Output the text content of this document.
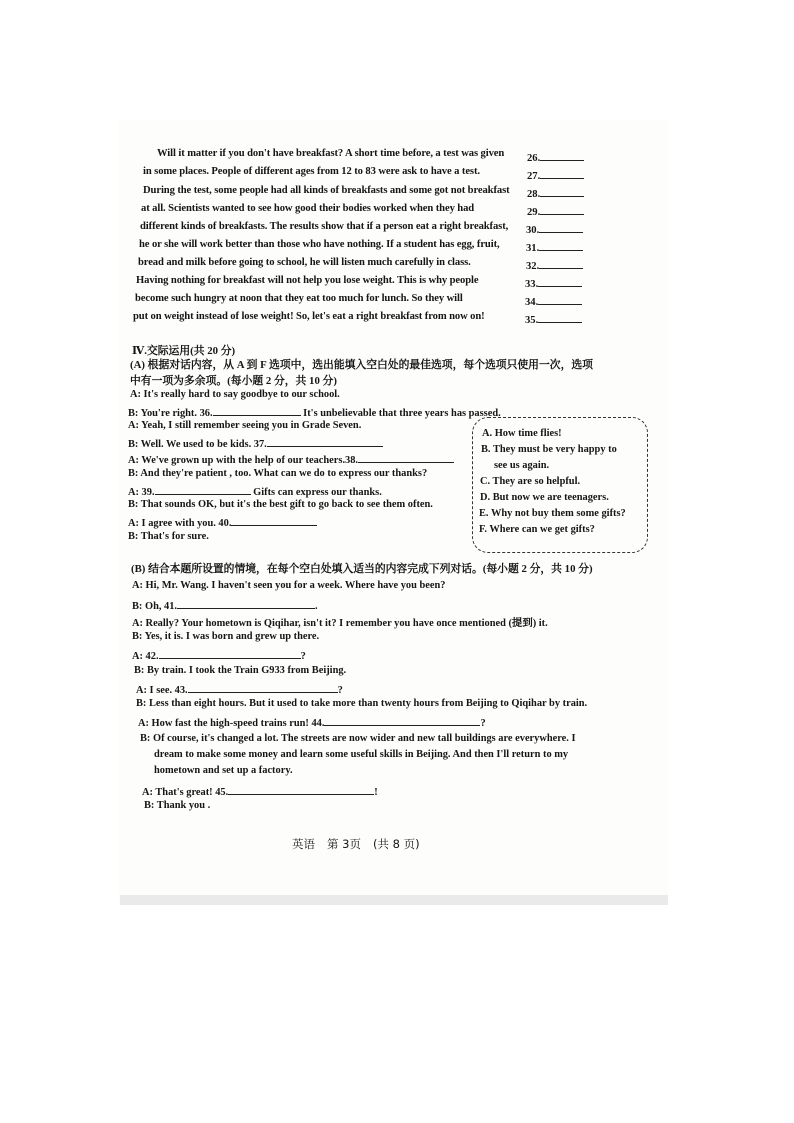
Will it matter if you don't have breakfast? A short time before, a test was given
in some places. People of different ages from 12 to 83 were ask to have a test.
During the test, some people had all kinds of breakfasts and some got not breakfast
at all. Scientists wanted to see how good their bodies worked when they had
different kinds of breakfasts. The results show that if a person eat a right breakfast,
he or she will work better than those who have nothing. If a student has egg, fruit,
bread and milk before going to school, he will listen much carefully in class.
Having nothing for breakfast will not help you lose weight. This is why people
become such hungry at noon that they eat too much for lunch. So they will
put on weight instead of lose weight! So, let's eat a right breakfast from now on!
26.
27.
28.
29.
30.
31.
32.
33.
34.
35.
Ⅳ.交际运用(共 20 分)
(A) 根据对话内容，从 A 到 F 选项中，选出能填入空白处的最佳选项，每个选项只使用一次，选项
中有一项为多余项。(每小题 2 分，共 10 分)
A: It's really hard to say goodbye to our school.
B: You're right. 36.	It's unbelievable that three years has passed.
A: Yeah, I still remember seeing you in Grade Seven.
B: Well. We used to be kids. 37.
A: We've grown up with the help of our teachers.38.
B: And they're patient , too. What can we do to express our thanks?
A: 39.	Gifts can express our thanks.
B: That sounds OK, but it's the best gift to go back to see them often.
A: I agree with you. 40.
B: That's for sure.
A. How time flies!
B. They must be very happy to
see us again.
C. They are so helpful.
D. But now we are teenagers.
E. Why not buy them some gifts?
F. Where can we get gifts?
(B) 结合本题所设置的情境，在每个空白处填入适当的内容完成下列对话。(每小题 2 分，共 10 分)
A: Hi, Mr. Wang. I haven't seen you for a week. Where have you been?
B: Oh, 41.	.
A: Really? Your hometown is Qiqihar, isn't it? I remember you have once mentioned (提到) it.
B: Yes, it is. I was born and grew up there.
A: 42.	?
B: By train. I took the Train G933 from Beijing.
A: I see. 43.	?
B: Less than eight hours. But it used to take more than twenty hours from Beijing to Qiqihar by train.
A: How fast the high-speed trains run! 44.	?
B: Of course, it's changed a lot. The streets are now wider and new tall buildings are everywhere. I
dream to make some money and learn some useful skills in Beijing. And then I'll return to my
hometown and set up a factory.
A: That's great! 45.	!
B: Thank you .
英语 第 3页 (共 8 页)
